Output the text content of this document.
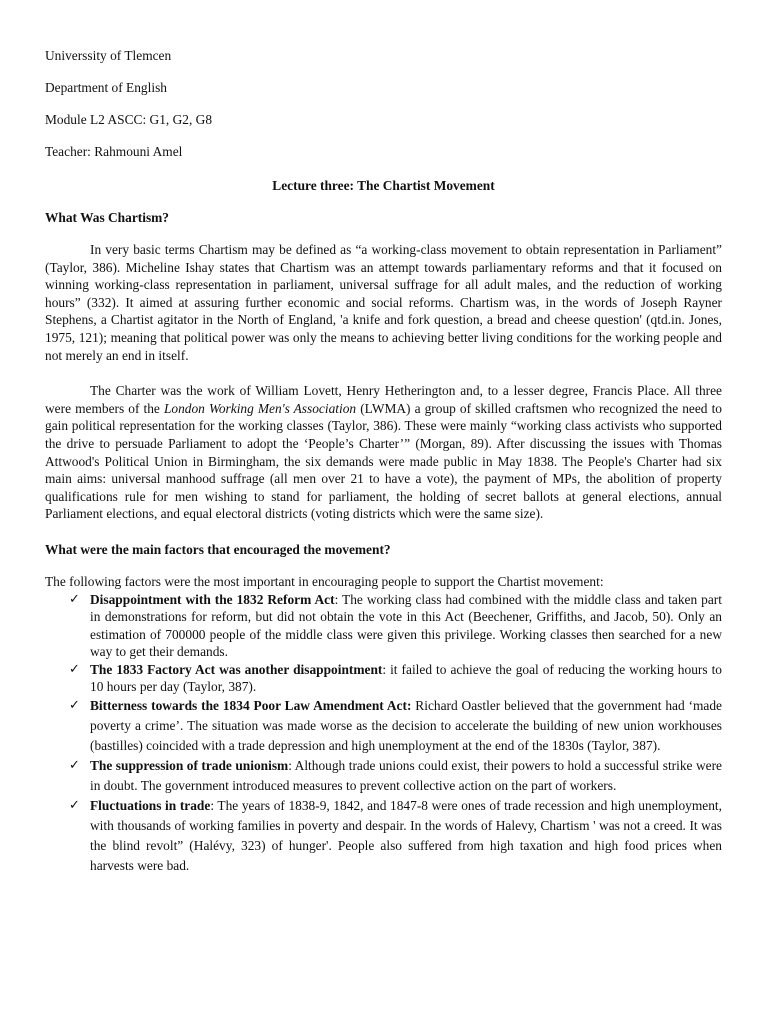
Universsity of Tlemcen
Department of English
Module L2 ASCC: G1, G2, G8
Teacher: Rahmouni Amel
Lecture three: The Chartist Movement
What Was Chartism?

In very basic terms Chartism may be defined as “a working-class movement to obtain representation in Parliament” (Taylor, 386). Micheline Ishay states that Chartism was an attempt towards parliamentary reforms and that it focused on winning working-class representation in parliament, universal suffrage for all adult males, and the reduction of working hours” (332). It aimed at assuring further economic and social reforms. Chartism was, in the words of Joseph Rayner Stephens, a Chartist agitator in the North of England, 'a knife and fork question, a bread and cheese question' (qtd.in. Jones, 1975, 121); meaning that political power was only the means to achieving better living conditions for the working people and not merely an end in itself.

The Charter was the work of William Lovett, Henry Hetherington and, to a lesser degree, Francis Place. All three were members of the London Working Men's Association (LWMA) a group of skilled craftsmen who recognized the need to gain political representation for the working classes (Taylor, 386). These were mainly “working class activists who supported the drive to persuade Parliament to adopt the ‘People’s Charter’” (Morgan, 89). After discussing the issues with Thomas Attwood's Political Union in Birmingham, the six demands were made public in May 1838. The People's Charter had six main aims: universal manhood suffrage (all men over 21 to have a vote), the payment of MPs, the abolition of property qualifications rule for men wishing to stand for parliament, the holding of secret ballots at general elections, annual Parliament elections, and equal electoral districts (voting districts which were the same size).

What were the main factors that encouraged the movement?

The following factors were the most important in encouraging people to support the Chartist movement:

✓ Disappointment with the 1832 Reform Act: The working class had combined with the middle class and taken part in demonstrations for reform, but did not obtain the vote in this Act (Beechener, Griffiths, and Jacob, 50). Only an estimation of 700000 people of the middle class were given this privilege. Working classes then searched for a new way to get their demands.
✓ The 1833 Factory Act was another disappointment: it failed to achieve the goal of reducing the working hours to 10 hours per day (Taylor, 387).
✓ Bitterness towards the 1834 Poor Law Amendment Act: Richard Oastler believed that the government had ‘made poverty a crime’. The situation was made worse as the decision to accelerate the building of new union workhouses (bastilles) coincided with a trade depression and high unemployment at the end of the 1830s (Taylor, 387).
✓ The suppression of trade unionism: Although trade unions could exist, their powers to hold a successful strike were in doubt. The government introduced measures to prevent collective action on the part of workers.
✓ Fluctuations in trade: The years of 1838-9, 1842, and 1847-8 were ones of trade recession and high unemployment, with thousands of working families in poverty and despair. In the words of Halevy, Chartism ' was not a creed. It was the blind revolt” (Halévy, 323) of hunger'. People also suffered from high taxation and high food prices when harvests were bad.
